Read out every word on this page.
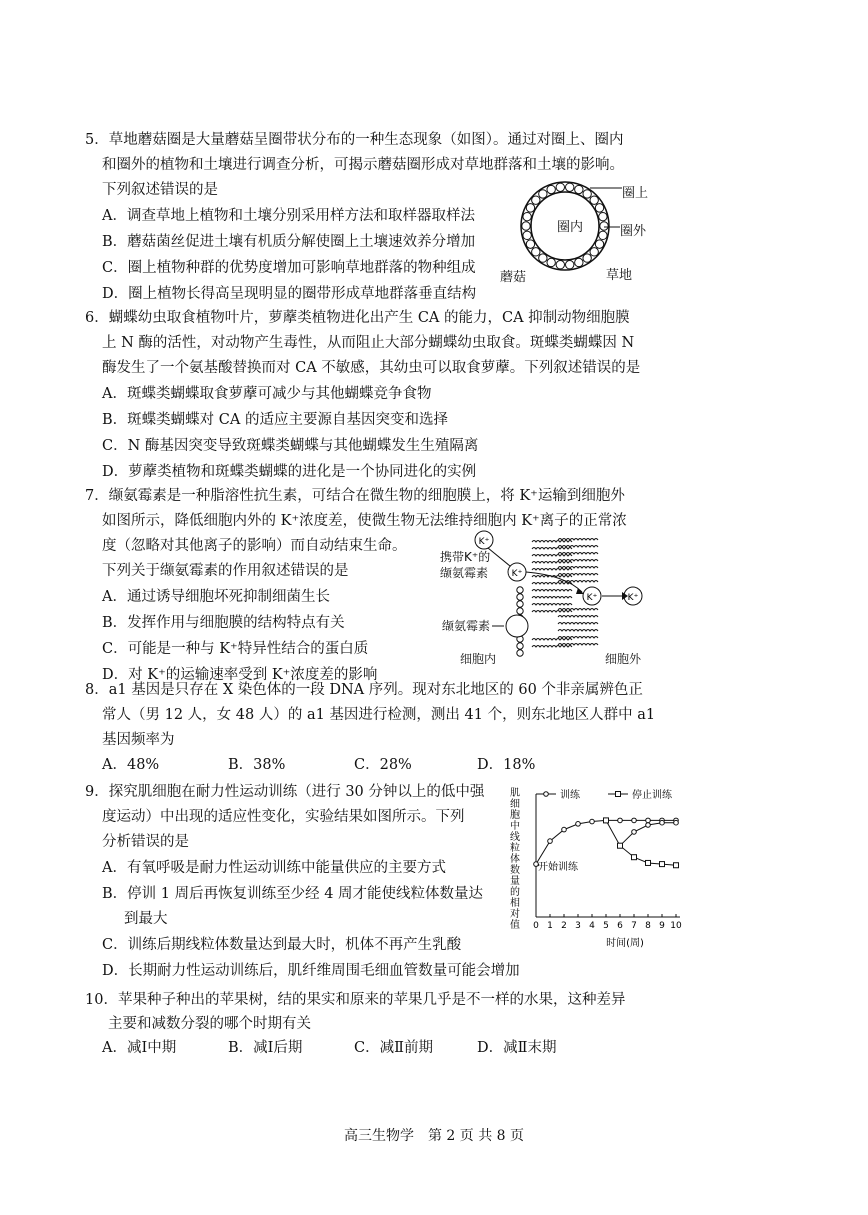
5．草地蘑菇圈是大量蘑菇呈圈带状分布的一种生态现象（如图）。通过对圈上、圈内
和圈外的植物和土壤进行调查分析，可揭示蘑菇圈形成对草地群落和土壤的影响。
下列叙述错误的是
A．调查草地上植物和土壤分别采用样方法和取样器取样法
B．蘑菇菌丝促进土壤有机质分解使圈上土壤速效养分增加
C．圈上植物种群的优势度增加可影响草地群落的物种组成
D．圈上植物长得高呈现明显的圈带形成草地群落垂直结构
圈内
圈上
圈外
蘑菇	草地
6．蝴蝶幼虫取食植物叶片，萝藦类植物进化出产生 CA 的能力，CA 抑制动物细胞膜
上 N 酶的活性，对动物产生毒性，从而阻止大部分蝴蝶幼虫取食。斑蝶类蝴蝶因 N
酶发生了一个氨基酸替换而对 CA 不敏感，其幼虫可以取食萝藦。下列叙述错误的是
A．斑蝶类蝴蝶取食萝藦可减少与其他蝴蝶竞争食物
B．斑蝶类蝴蝶对 CA 的适应主要源自基因突变和选择
C．N 酶基因突变导致斑蝶类蝴蝶与其他蝴蝶发生生殖隔离
D．萝藦类植物和斑蝶类蝴蝶的进化是一个协同进化的实例
7．缬氨霉素是一种脂溶性抗生素，可结合在微生物的细胞膜上，将 K⁺运输到细胞外
如图所示，降低细胞内外的 K⁺浓度差，使微生物无法维持细胞内 K⁺离子的正常浓
度（忽略对其他离子的影响）而自动结束生命。
下列关于缬氨霉素的作用叙述错误的是
A．通过诱导细胞坏死抑制细菌生长
B．发挥作用与细胞膜的结构特点有关
C．可能是一种与 K⁺特异性结合的蛋白质
D．对 K⁺的运输速率受到 K⁺浓度差的影响
K⁺
K⁺
K⁺	K⁺
携带K⁺的
缬氨霉素
缬氨霉素
细胞内	细胞外
8．a1 基因是只存在 X 染色体的一段 DNA 序列。现对东北地区的 60 个非亲属辨色正
常人（男 12 人，女 48 人）的 a1 基因进行检测，测出 41 个，则东北地区人群中 a1
基因频率为
A．48%	B．38%	C．28%	D．18%
9．探究肌细胞在耐力性运动训练（进行 30 分钟以上的低中强
度运动）中出现的适应性变化，实验结果如图所示。下列
分析错误的是
A．有氧呼吸是耐力性运动训练中能量供应的主要方式
B．停训 1 周后再恢复训练至少经 4 周才能使线粒体数量达
到最大
C．训练后期线粒体数量达到最大时，机体不再产生乳酸
D．长期耐力性运动训练后，肌纤维周围毛细血管数量可能会增加
0 1 2 3 4 5 6 7 8 9 10
训练	停止训练
时间(周)
开始训练
肌细胞中线粒体数量的相对值
10．苹果种子种出的苹果树，结的果实和原来的苹果几乎是不一样的水果，这种差异
主要和减数分裂的哪个时期有关
A．减Ⅰ中期	B．减Ⅰ后期	C．减Ⅱ前期	D．减Ⅱ末期
高三生物学　第 2 页 共 8 页
